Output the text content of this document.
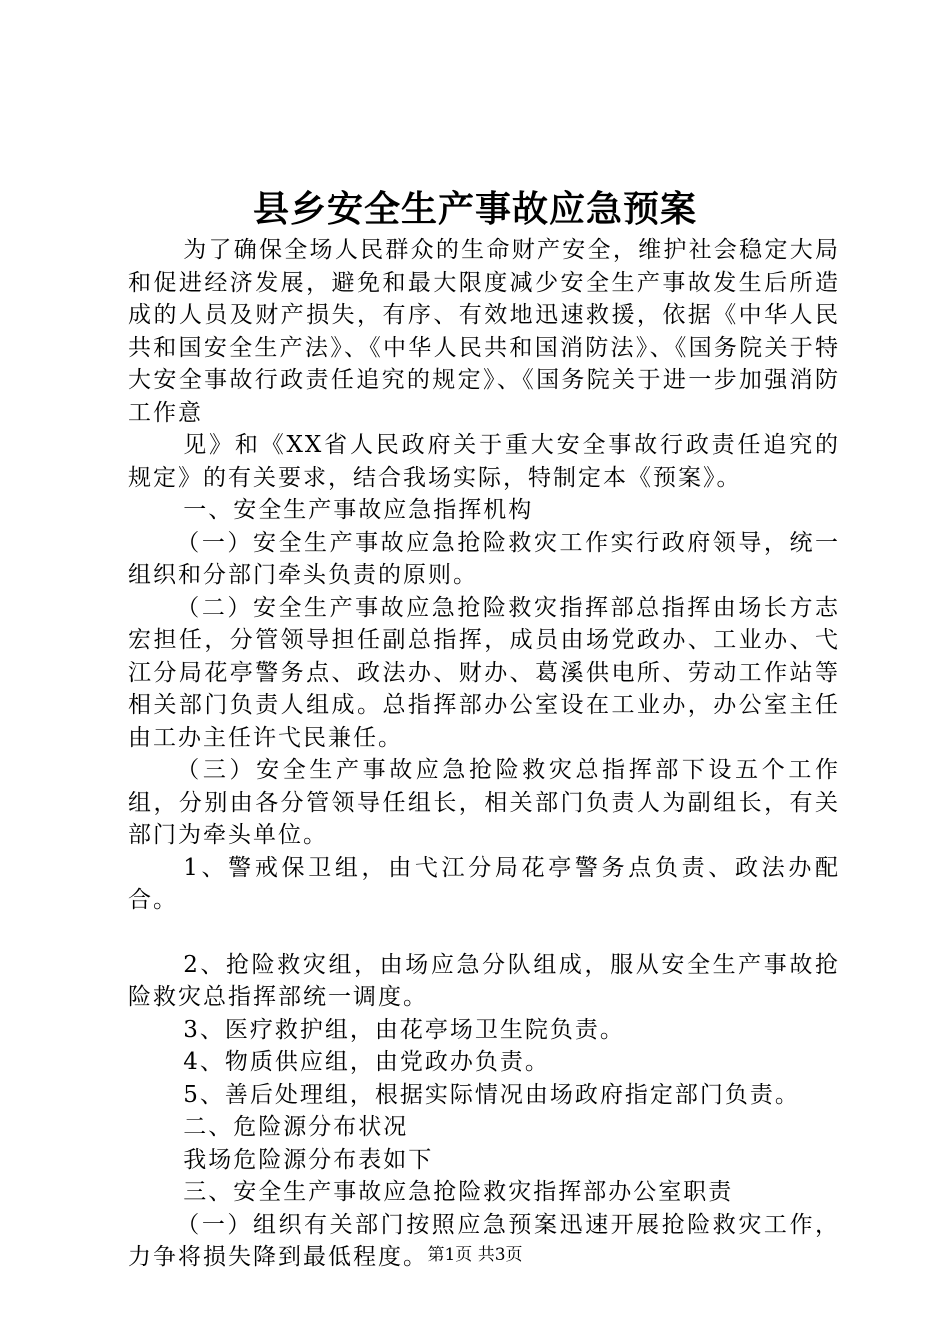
县乡安全生产事故应急预案

为了确保全场人民群众的生命财产安全，维护社会稳定大局和促进经济发展，避免和最大限度减少安全生产事故发生后所造成的人员及财产损失，有序、有效地迅速救援，依据《中华人民共和国安全生产法》、《中华人民共和国消防法》、《国务院关于特大安全事故行政责任追究的规定》、《国务院关于进一步加强消防工作意

见》和《XX省人民政府关于重大安全事故行政责任追究的规定》的有关要求，结合我场实际，特制定本《预案》。

一、安全生产事故应急指挥机构

（一）安全生产事故应急抢险救灾工作实行政府领导，统一组织和分部门牵头负责的原则。

（二）安全生产事故应急抢险救灾指挥部总指挥由场长方志宏担任，分管领导担任副总指挥，成员由场党政办、工业办、弋江分局花亭警务点、政法办、财办、葛溪供电所、劳动工作站等相关部门负责人组成。总指挥部办公室设在工业办，办公室主任由工办主任许弋民兼任。

（三）安全生产事故应急抢险救灾总指挥部下设五个工作组，分别由各分管领导任组长，相关部门负责人为副组长，有关部门为牵头单位。

1、警戒保卫组，由弋江分局花亭警务点负责、政法办配合。

2、抢险救灾组，由场应急分队组成，服从安全生产事故抢险救灾总指挥部统一调度。

3、医疗救护组，由花亭场卫生院负责。

4、物质供应组，由党政办负责。

5、善后处理组，根据实际情况由场政府指定部门负责。

二、危险源分布状况

我场危险源分布表如下

三、安全生产事故应急抢险救灾指挥部办公室职责

（一）组织有关部门按照应急预案迅速开展抢险救灾工作，力争将损失降到最低程度。 第1页 共3页
